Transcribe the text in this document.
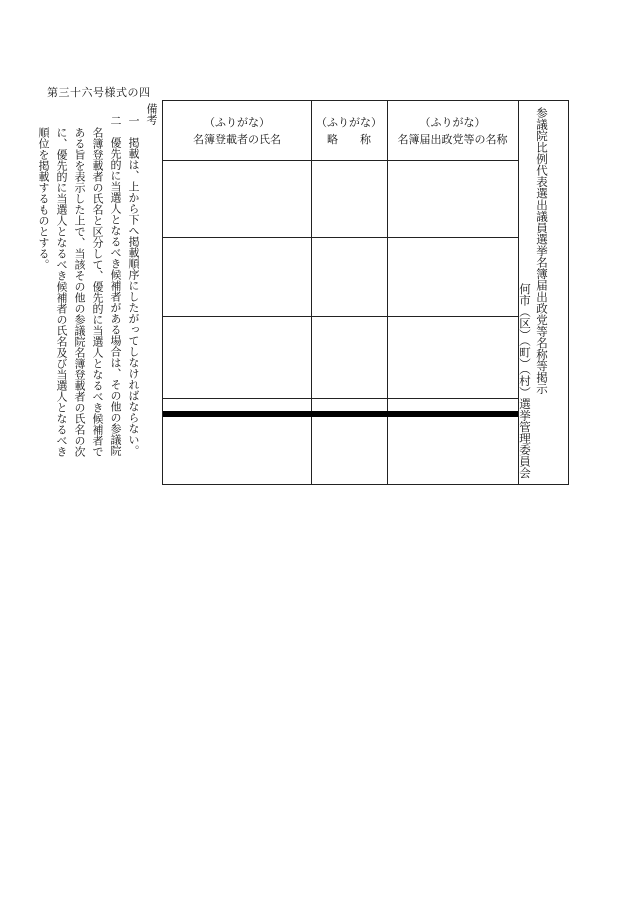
第三十六号様式の四

（ふりがな）
名簿登載者の氏名
（ふりがな）
略　　称
（ふりがな）
名簿届出政党等の名称 参議院比例代表選出議員選挙名簿届出政党等名称等掲示
何市（区）（町）（村）選挙管理委員会

備考

一　掲載は、上から下へ掲載順序にしたがってしなければならない。

二　優先的に当選人となるべき候補者がある場合は、その他の参議院

名簿登載者の氏名と区分して、優先的に当選人となるべき候補者で

ある旨を表示した上で、当該その他の参議院名簿登載者の氏名の次

に、優先的に当選人となるべき候補者の氏名及び当選人となるべき

順位を掲載するものとする。
